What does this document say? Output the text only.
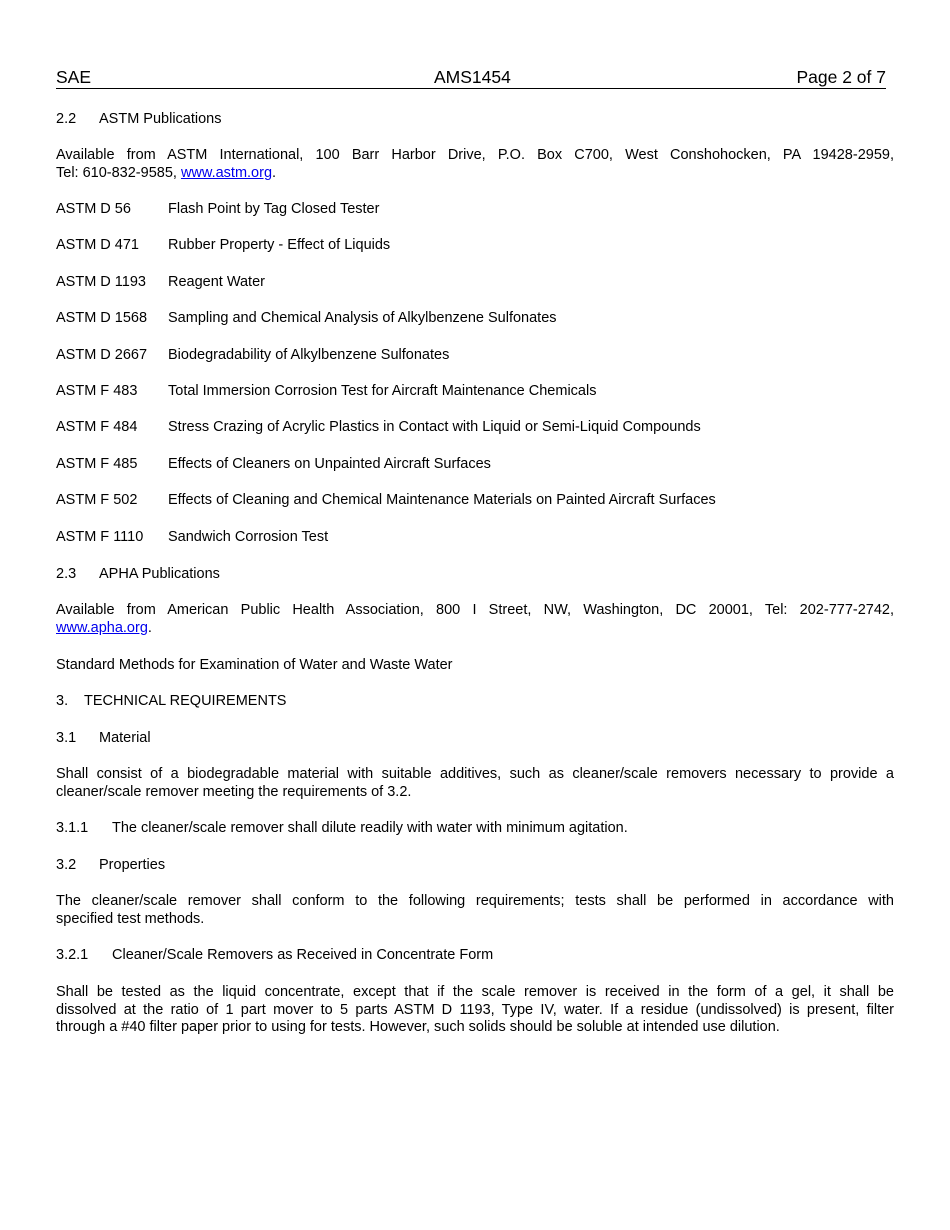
SAE	AMS1454	Page 2 of 7
2.2 ASTM Publications
Available from ASTM International, 100 Barr Harbor Drive, P.O. Box C700, West Conshohocken, PA 19428-2959,
Tel: 610-832-9585, www.astm.org.
ASTM D 56	Flash Point by Tag Closed Tester
ASTM D 471 Rubber Property - Effect of Liquids
ASTM D 1193 Reagent Water
ASTM D 1568 Sampling and Chemical Analysis of Alkylbenzene Sulfonates
ASTM D 2667 Biodegradability of Alkylbenzene Sulfonates
ASTM F 483 Total Immersion Corrosion Test for Aircraft Maintenance Chemicals
ASTM F 484 Stress Crazing of Acrylic Plastics in Contact with Liquid or Semi-Liquid Compounds
ASTM F 485 Effects of Cleaners on Unpainted Aircraft Surfaces
ASTM F 502 Effects of Cleaning and Chemical Maintenance Materials on Painted Aircraft Surfaces
ASTM F 1110 Sandwich Corrosion Test
2.3 APHA Publications
Available from American Public Health Association, 800 I Street, NW, Washington, DC 20001, Tel: 202-777-2742,
www.apha.org.
Standard Methods for Examination of Water and Waste Water
3. TECHNICAL REQUIREMENTS
3.1 Material
Shall consist of a biodegradable material with suitable additives, such as cleaner/scale removers necessary to provide a
cleaner/scale remover meeting the requirements of 3.2.
3.1.1 The cleaner/scale remover shall dilute readily with water with minimum agitation.
3.2 Properties
The cleaner/scale remover shall conform to the following requirements; tests shall be performed in accordance with
specified test methods.
3.2.1 Cleaner/Scale Removers as Received in Concentrate Form
Shall be tested as the liquid concentrate, except that if the scale remover is received in the form of a gel, it shall be
dissolved at the ratio of 1 part mover to 5 parts ASTM D 1193, Type IV, water. If a residue (undissolved) is present, filter
through a #40 filter paper prior to using for tests. However, such solids should be soluble at intended use dilution.
